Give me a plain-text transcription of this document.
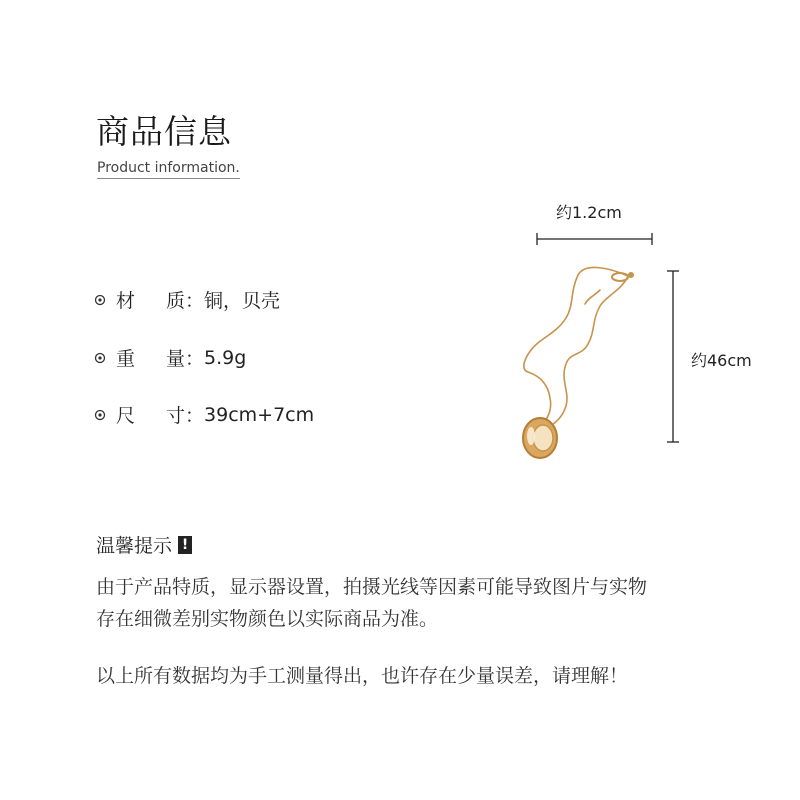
商品信息
Product information.
材	质： 铜，贝壳
重	量： 5.9g
尺	寸： 39cm+7cm
约1.2cm
约46cm
温馨提示 !
由于产品特质，显示器设置，拍摄光线等因素可能导致图片与实物
存在细微差别实物颜色以实际商品为准。
以上所有数据均为手工测量得出，也许存在少量误差，请理解！
